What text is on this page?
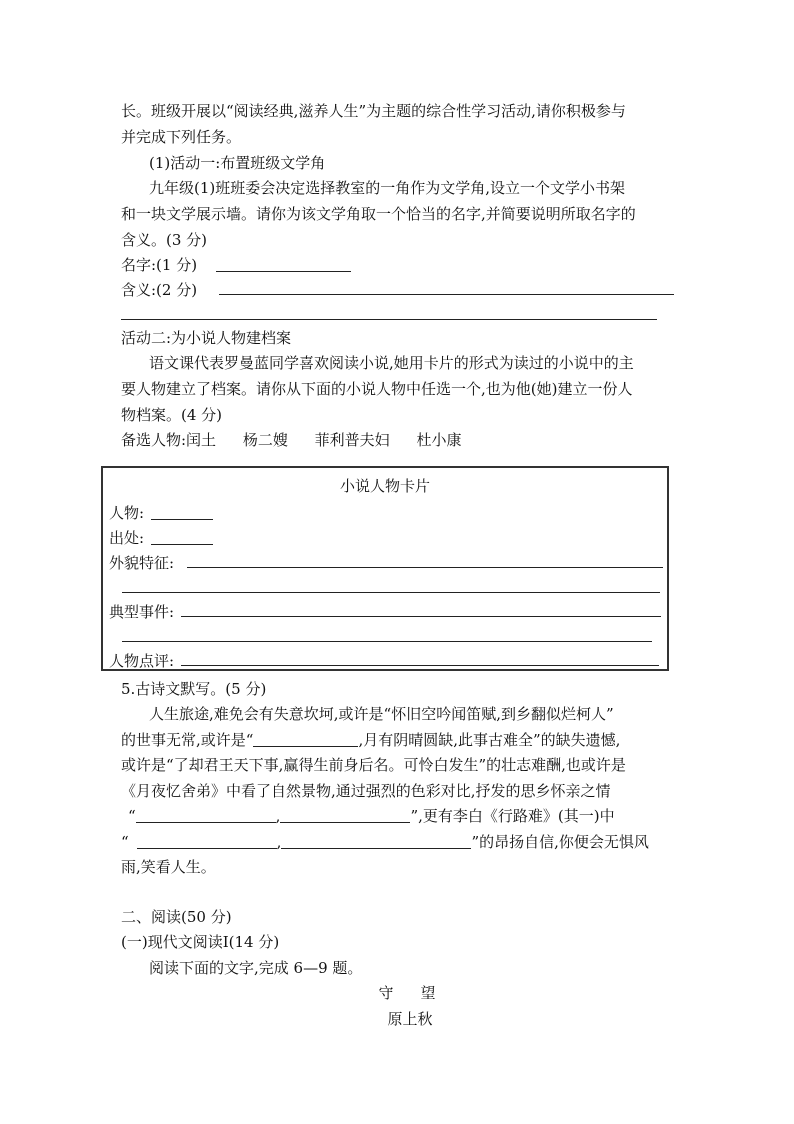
长。班级开展以“阅读经典,滋养人生”为主题的综合性学习活动,请你积极参与
并完成下列任务。
(1)活动一:布置班级文学角
九年级(1)班班委会决定选择教室的一角作为文学角,设立一个文学小书架
和一块文学展示墙。请你为该文学角取一个恰当的名字,并简要说明所取名字的
含义。(3 分)
名字:(1 分)
含义:(2 分)
活动二:为小说人物建档案
语文课代表罗曼蓝同学喜欢阅读小说,她用卡片的形式为读过的小说中的主
要人物建立了档案。请你从下面的小说人物中任选一个,也为他(她)建立一份人
物档案。(4 分)
备选人物:闰土 杨二嫂 菲利普夫妇 杜小康
小说人物卡片
人物:
出处:
外貌特征:
典型事件:
人物点评:
5.古诗文默写。(5 分)
人生旅途,难免会有失意坎坷,或许是“怀旧空吟闻笛赋,到乡翻似烂柯人”
的世事无常,或许是“	,月有阴晴圆缺,此事古难全”的缺失遗憾,
或许是“了却君王天下事,赢得生前身后名。可怜白发生”的壮志难酬,也或许是
《月夜忆舍弟》中看了自然景物,通过强烈的色彩对比,抒发的思乡怀亲之情
“	,	”,更有李白《行路难》(其一)中
“	,	”的昂扬自信,你便会无惧风
雨,笑看人生。
二、阅读(50 分)
(一)现代文阅读Ⅰ(14 分)
阅读下面的文字,完成 6—9 题。
守　望
原上秋
